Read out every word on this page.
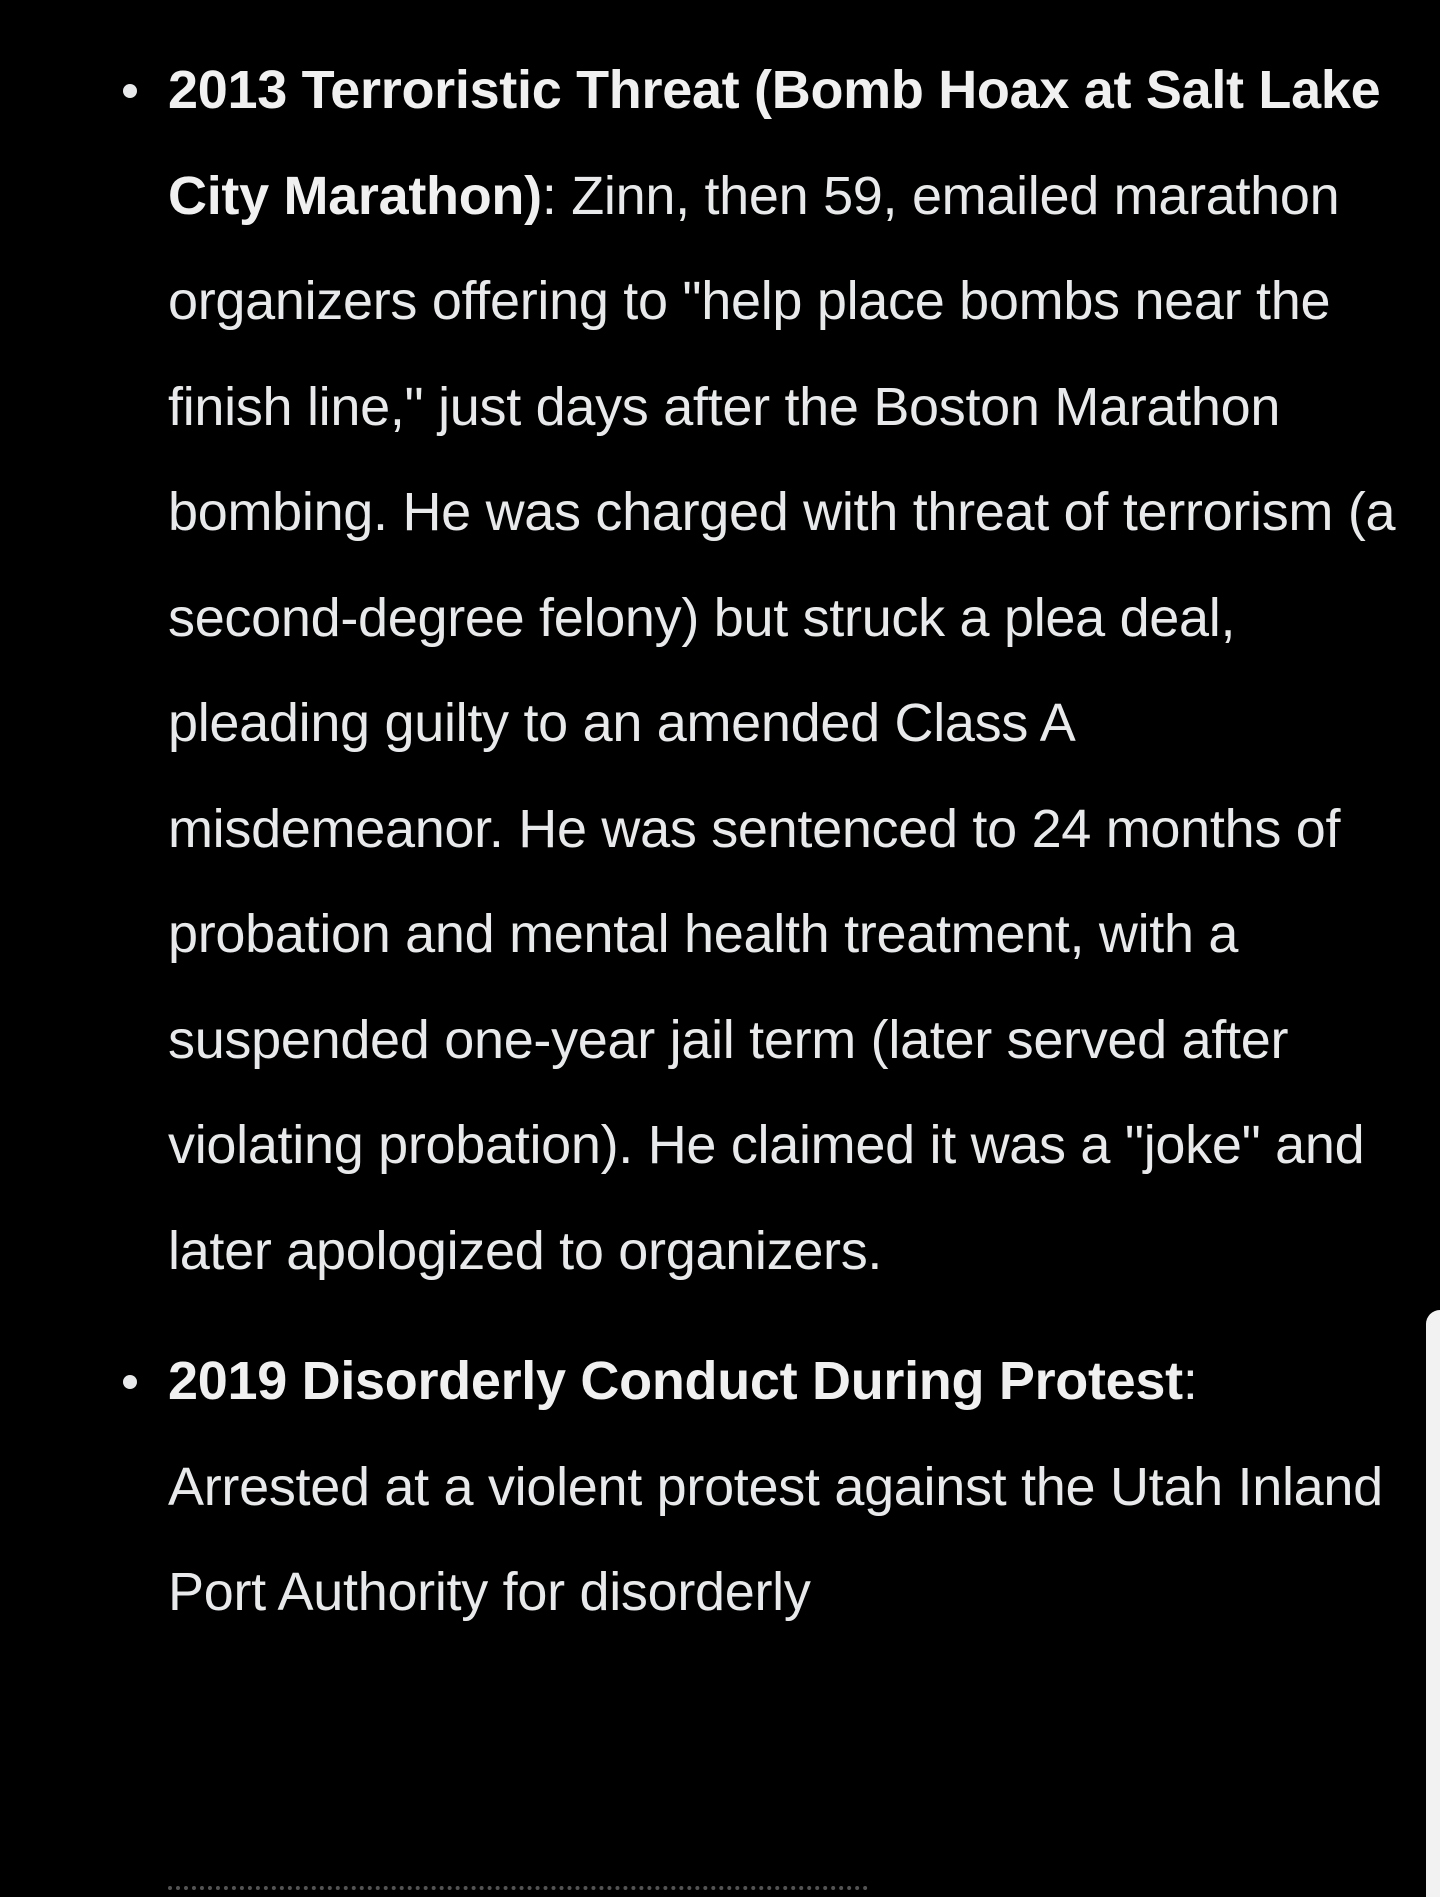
2013 Terroristic Threat (Bomb Hoax at Salt Lake City Marathon): Zinn, then 59, emailed marathon organizers offering to "help place bombs near the finish line," just days after the Boston Marathon bombing. He was charged with threat of terrorism (a second-degree felony) but struck a plea deal, pleading guilty to an amended Class A misdemeanor. He was sentenced to 24 months of probation and mental health treatment, with a suspended one-year jail term (later served after violating probation). He claimed it was a "joke" and later apologized to organizers.
2019 Disorderly Conduct During Protest: Arrested at a violent protest against the Utah Inland Port Authority for disorderly
